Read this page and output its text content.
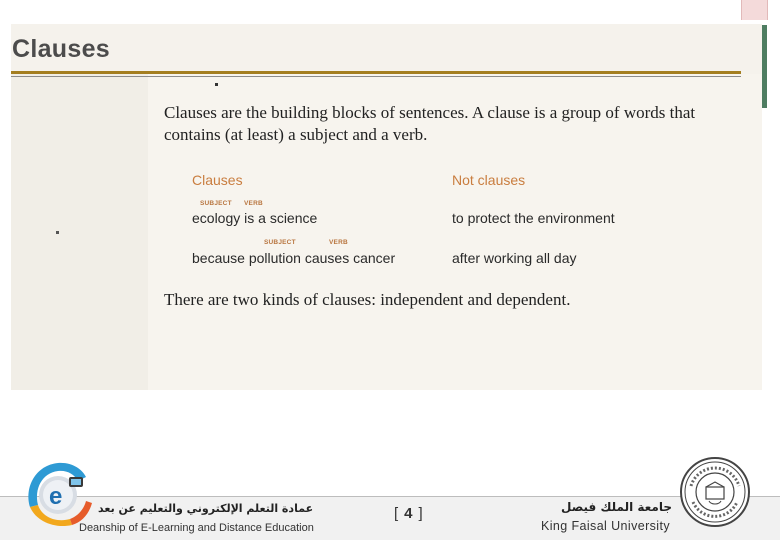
Clauses
Clauses are the building blocks of sentences. A clause is a group of words that contains (at least) a subject and a verb.
Clauses	Not clauses
SUBJECT VERB
ecology is a science	to protect the environment
SUBJECT	VERB
because pollution causes cancer	after working all day
There are two kinds of clauses: independent and dependent.
e	عمادة التعلم الإلكتروني والتعليم عن بعد
Deanship of E-Learning and Distance Education
[ 4 ]	جامعة الملك فيصل
King Faisal University
